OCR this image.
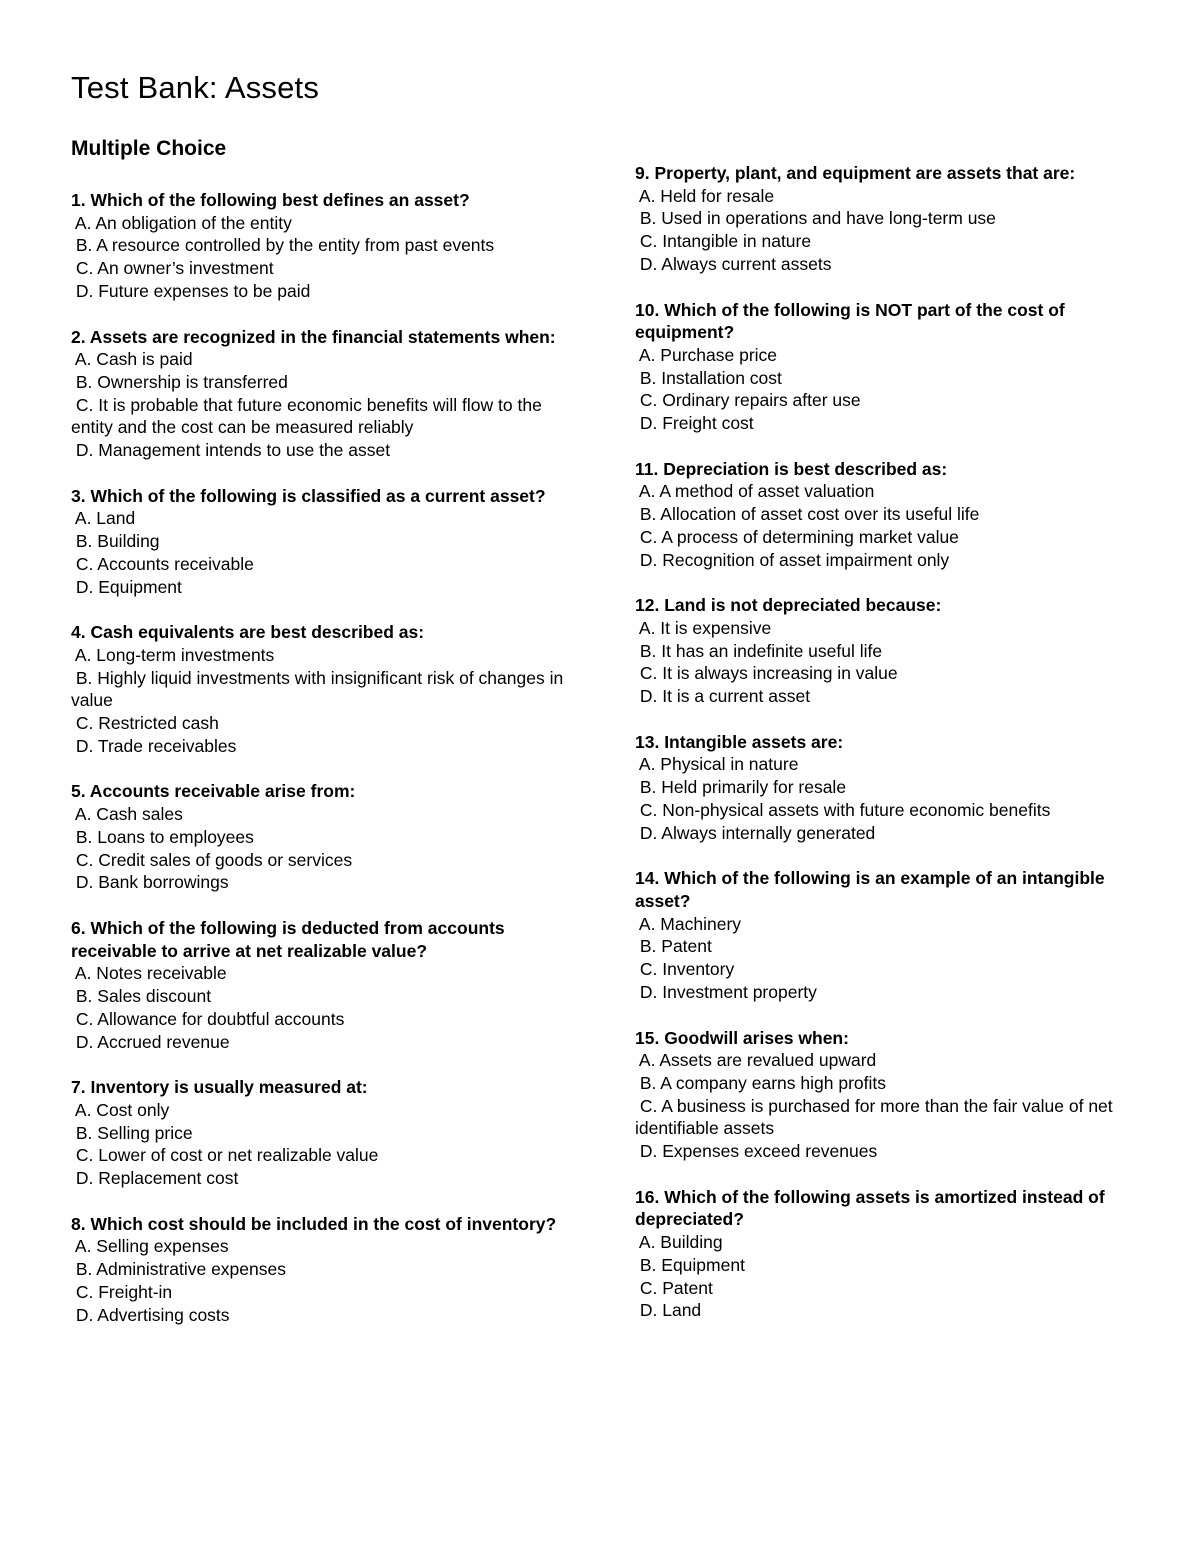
Test Bank: Assets
Multiple Choice

1. Which of the following best defines an asset?

A. An obligation of the entity
B. A resource controlled by the entity from past events
C. An owner’s investment
D. Future expenses to be paid

2. Assets are recognized in the financial statements when:

A. Cash is paid
B. Ownership is transferred
C. It is probable that future economic benefits will flow to the entity and the cost can be measured reliably
D. Management intends to use the asset

3. Which of the following is classified as a current asset?

A. Land
B. Building
C. Accounts receivable
D. Equipment

4. Cash equivalents are best described as:

A. Long-term investments
B. Highly liquid investments with insignificant risk of changes in value
C. Restricted cash
D. Trade receivables

5. Accounts receivable arise from:

A. Cash sales
B. Loans to employees
C. Credit sales of goods or services
D. Bank borrowings

6. Which of the following is deducted from accounts receivable to arrive at net realizable value?

A. Notes receivable
B. Sales discount
C. Allowance for doubtful accounts
D. Accrued revenue

7. Inventory is usually measured at:

A. Cost only
B. Selling price
C. Lower of cost or net realizable value
D. Replacement cost

8. Which cost should be included in the cost of inventory?

A. Selling expenses
B. Administrative expenses
C. Freight-in
D. Advertising costs

9. Property, plant, and equipment are assets that are:

A. Held for resale
B. Used in operations and have long-term use
C. Intangible in nature
D. Always current assets

10. Which of the following is NOT part of the cost of equipment?

A. Purchase price
B. Installation cost
C. Ordinary repairs after use
D. Freight cost

11. Depreciation is best described as:

A. A method of asset valuation
B. Allocation of asset cost over its useful life
C. A process of determining market value
D. Recognition of asset impairment only

12. Land is not depreciated because:

A. It is expensive
B. It has an indefinite useful life
C. It is always increasing in value
D. It is a current asset

13. Intangible assets are:

A. Physical in nature
B. Held primarily for resale
C. Non-physical assets with future economic benefits
D. Always internally generated

14. Which of the following is an example of an intangible asset?

A. Machinery
B. Patent
C. Inventory
D. Investment property

15. Goodwill arises when:

A. Assets are revalued upward
B. A company earns high profits
C. A business is purchased for more than the fair value of net identifiable assets
D. Expenses exceed revenues

16. Which of the following assets is amortized instead of depreciated?

A. Building
B. Equipment
C. Patent
D. Land
